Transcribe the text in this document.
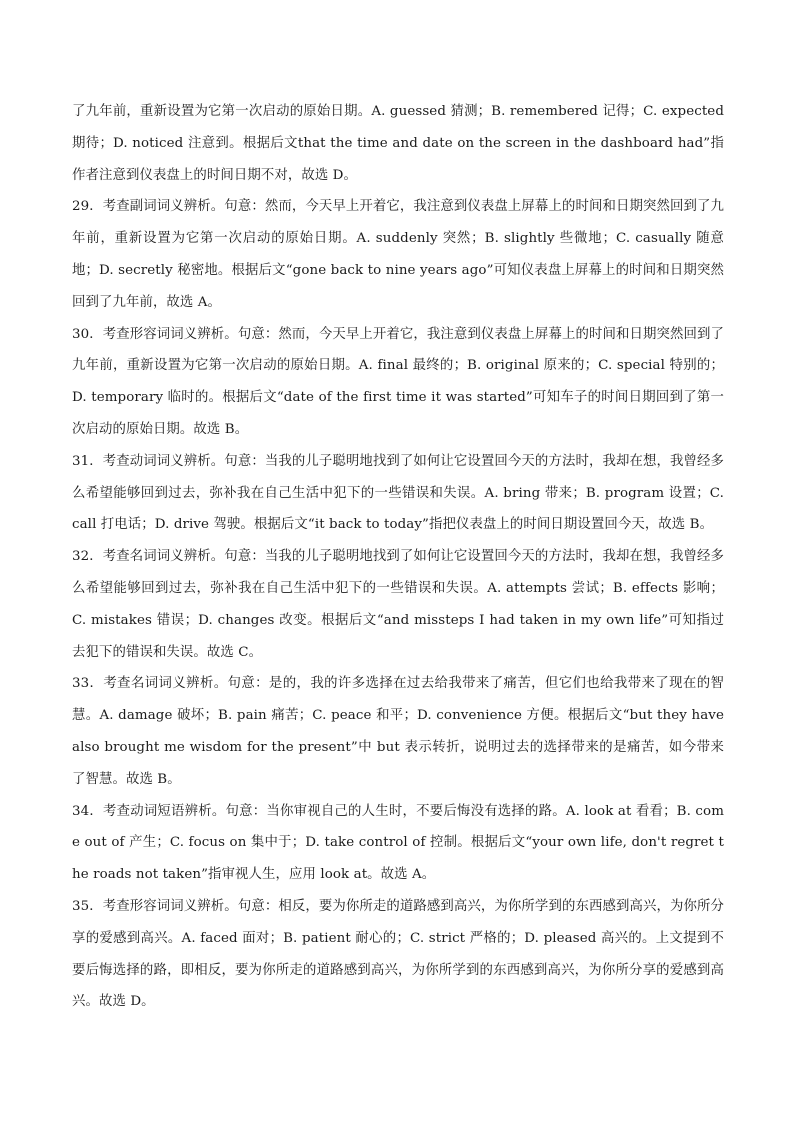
了九年前，重新设置为它第一次启动的原始日期。A. guessed 猜测；B. remembered 记得；C. expected 期待；D. noticed 注意到。根据后文that the time and date on the screen in the dashboard had”指作者注意到仪表盘上的时间日期不对，故选 D。

29．考查副词词义辨析。句意：然而，今天早上开着它，我注意到仪表盘上屏幕上的时间和日期突然回到了九年前，重新设置为它第一次启动的原始日期。A. suddenly 突然；B. slightly 些微地；C. casually 随意地；D. secretly 秘密地。根据后文“gone back to nine years ago”可知仪表盘上屏幕上的时间和日期突然回到了九年前，故选 A。

30．考查形容词词义辨析。句意：然而，今天早上开着它，我注意到仪表盘上屏幕上的时间和日期突然回到了九年前，重新设置为它第一次启动的原始日期。A. final 最终的；B. original 原来的；C. special 特别的；D. temporary 临时的。根据后文“date of the first time it was started”可知车子的时间日期回到了第一次启动的原始日期。故选 B。

31．考查动词词义辨析。句意：当我的儿子聪明地找到了如何让它设置回今天的方法时，我却在想，我曾经多么希望能够回到过去，弥补我在自己生活中犯下的一些错误和失误。A. bring 带来；B. program 设置；C. call 打电话；D. drive 驾驶。根据后文“it back to today”指把仪表盘上的时间日期设置回今天，故选 B。

32．考查名词词义辨析。句意：当我的儿子聪明地找到了如何让它设置回今天的方法时，我却在想，我曾经多么希望能够回到过去，弥补我在自己生活中犯下的一些错误和失误。A. attempts 尝试；B. effects 影响；C. mistakes 错误；D. changes 改变。根据后文“and missteps I had taken in my own life”可知指过去犯下的错误和失误。故选 C。

33．考查名词词义辨析。句意：是的，我的许多选择在过去给我带来了痛苦，但它们也给我带来了现在的智慧。A. damage 破坏；B. pain 痛苦；C. peace 和平；D. convenience 方便。根据后文“but they have also brought me wisdom for the present”中 but 表示转折，说明过去的选择带来的是痛苦，如今带来了智慧。故选 B。

34．考查动词短语辨析。句意：当你审视自己的人生时，不要后悔没有选择的路。A. look at 看看；B. come out of 产生；C. focus on 集中于；D. take control of 控制。根据后文“your own life, don't regret the roads not taken”指审视人生，应用 look at。故选 A。

35．考查形容词词义辨析。句意：相反，要为你所走的道路感到高兴，为你所学到的东西感到高兴，为你所分享的爱感到高兴。A. faced 面对；B. patient 耐心的；C. strict 严格的；D. pleased 高兴的。上文提到不要后悔选择的路，即相反，要为你所走的道路感到高兴，为你所学到的东西感到高兴，为你所分享的爱感到高兴。故选 D。
